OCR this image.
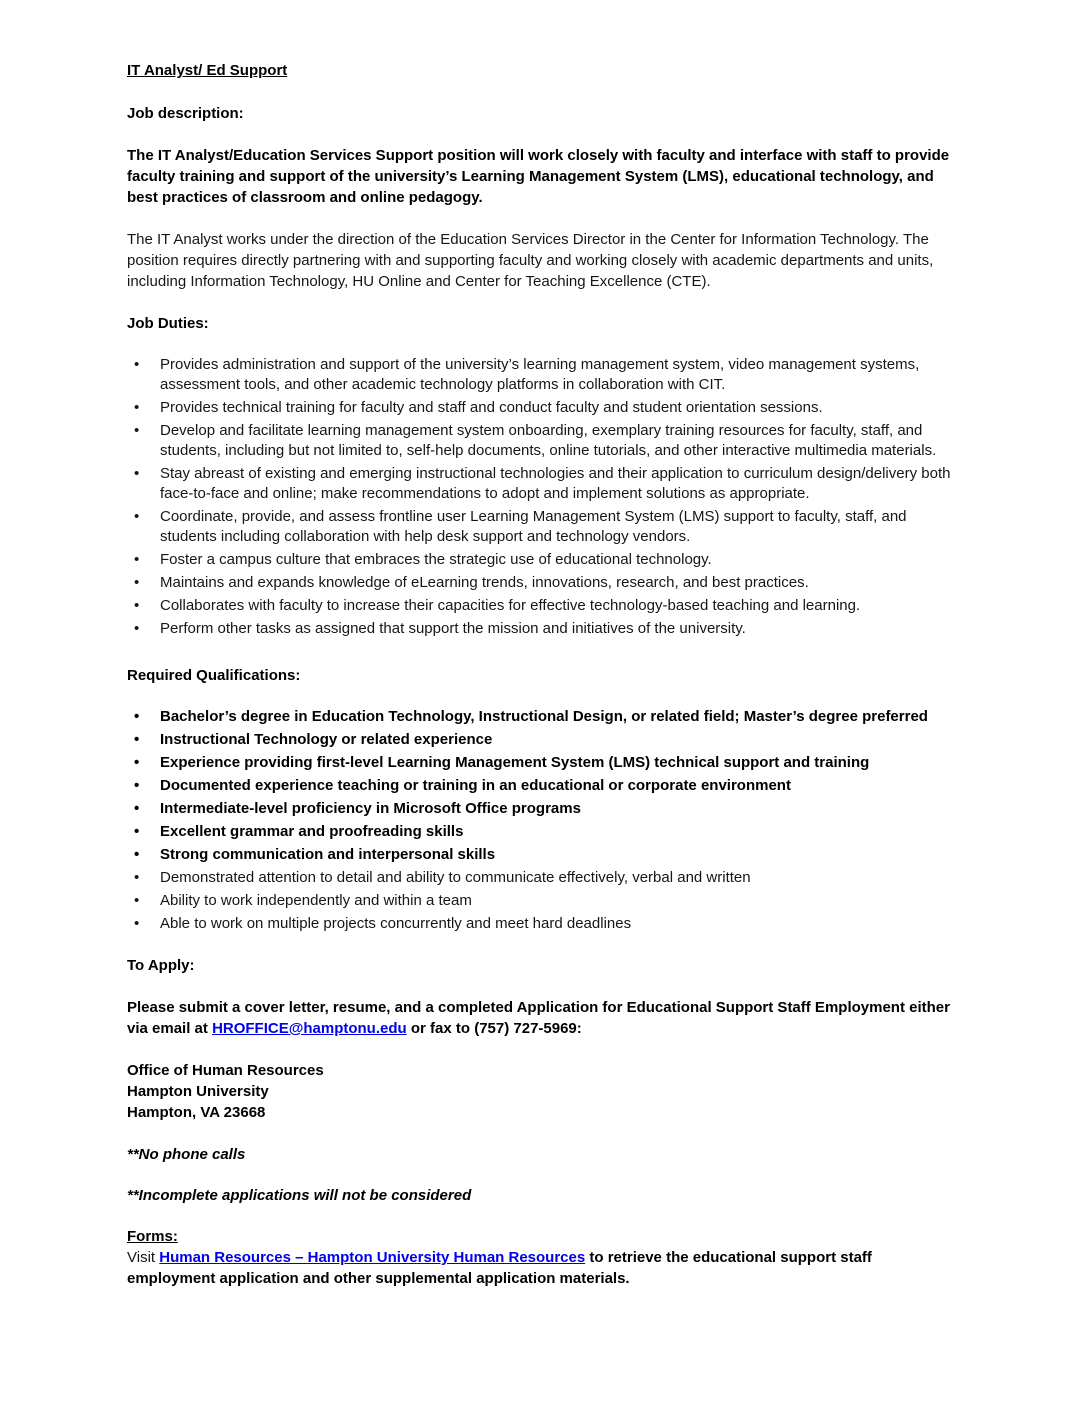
IT Analyst/ Ed Support

Job description:

The IT Analyst/Education Services Support position will work closely with faculty and interface with staff to provide faculty training and support of the university’s Learning Management System (LMS), educational technology, and best practices of classroom and online pedagogy.

The IT Analyst works under the direction of the Education Services Director in the Center for Information Technology. The position requires directly partnering with and supporting faculty and working closely with academic departments and units, including Information Technology, HU Online and Center for Teaching Excellence (CTE).

Job Duties:

• Provides administration and support of the university’s learning management system, video management systems, assessment tools, and other academic technology platforms in collaboration with CIT.
• Provides technical training for faculty and staff and conduct faculty and student orientation sessions.
• Develop and facilitate learning management system onboarding, exemplary training resources for faculty, staff, and students, including but not limited to, self-help documents, online tutorials, and other interactive multimedia materials.
• Stay abreast of existing and emerging instructional technologies and their application to curriculum design/delivery both face-to-face and online; make recommendations to adopt and implement solutions as appropriate.
• Coordinate, provide, and assess frontline user Learning Management System (LMS) support to faculty, staff, and students including collaboration with help desk support and technology vendors.
• Foster a campus culture that embraces the strategic use of educational technology.
• Maintains and expands knowledge of eLearning trends, innovations, research, and best practices.
• Collaborates with faculty to increase their capacities for effective technology-based teaching and learning.
• Perform other tasks as assigned that support the mission and initiatives of the university.

Required Qualifications:

• Bachelor’s degree in Education Technology, Instructional Design, or related field; Master’s degree preferred
• Instructional Technology or related experience
• Experience providing first-level Learning Management System (LMS) technical support and training
• Documented experience teaching or training in an educational or corporate environment
• Intermediate-level proficiency in Microsoft Office programs
• Excellent grammar and proofreading skills
• Strong communication and interpersonal skills
• Demonstrated attention to detail and ability to communicate effectively, verbal and written
• Ability to work independently and within a team
• Able to work on multiple projects concurrently and meet hard deadlines

To Apply:

Please submit a cover letter, resume, and a completed Application for Educational Support Staff Employment either via email at HROFFICE@hamptonu.edu or fax to (757) 727-5969:

Office of Human Resources
Hampton University
Hampton, VA 23668

**No phone calls

**Incomplete applications will not be considered

Forms:

Visit Human Resources – Hampton University Human Resources to retrieve the educational support staff employment application and other supplemental application materials.
